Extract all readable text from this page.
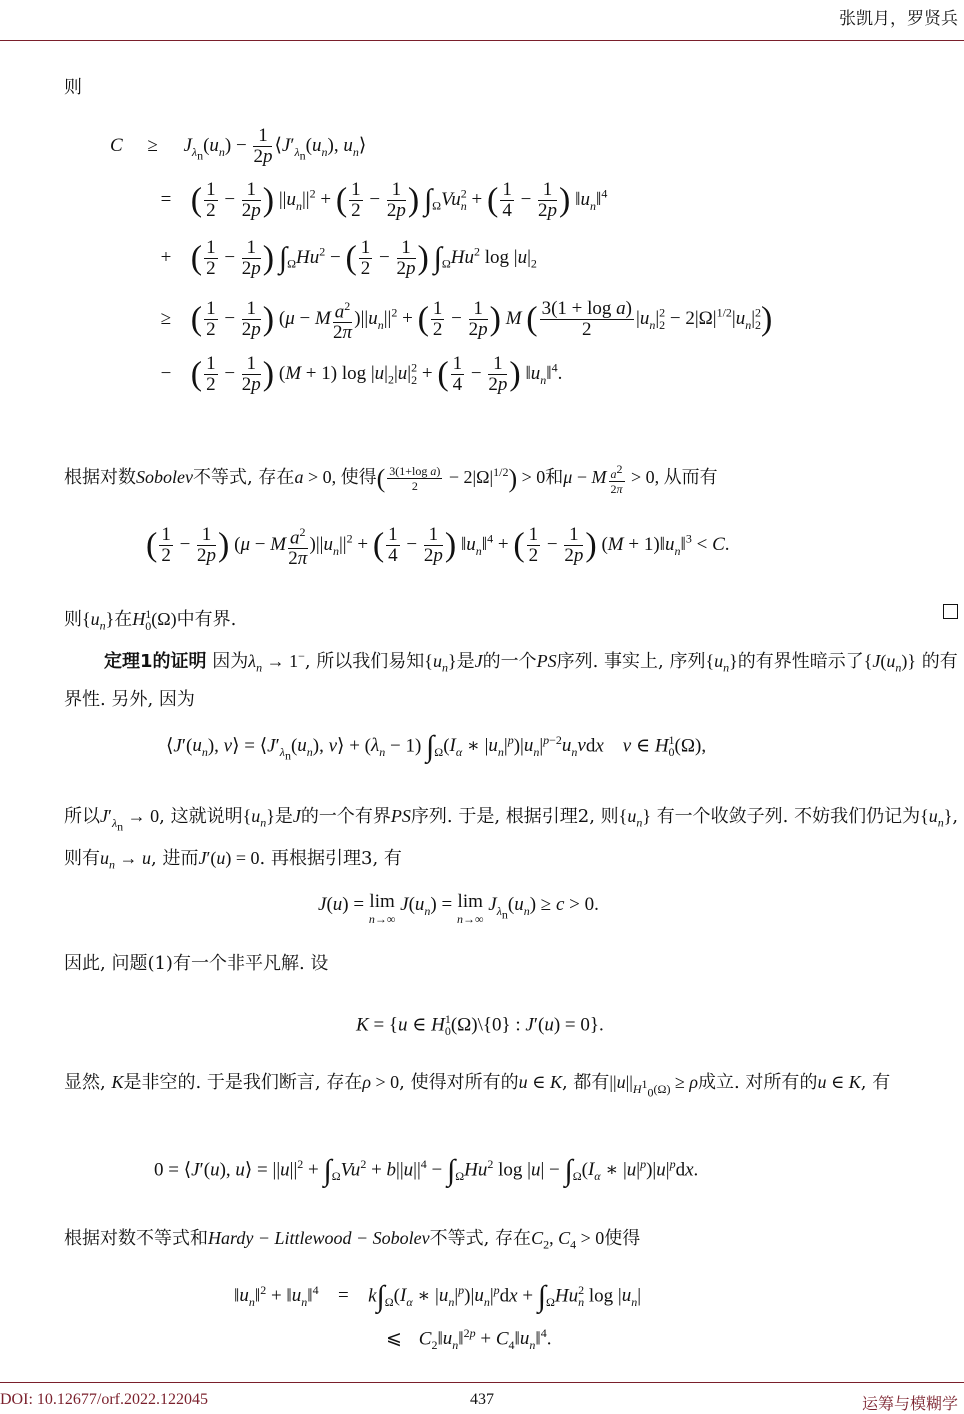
张凯月，罗贤兵
则
$C \ge J_{\lambda_n}(u_n) - \frac{1}{2p}$ $⟨J'_{\lambda_n}(u_n)$, $u_n⟩$
= ( $\frac{1}{2} - \frac{1}{2p}$ ) $||u_n||^2$ + ( $\frac{1}{2} - \frac{1}{2p}$ ) $\int_\Omega Vu^2_n$ + ( $\frac{1}{4} - \frac{1}{2p}$ ) $‖u_n‖^4$
+ ( $\frac{1}{2} - \frac{1}{2p}$ ) $\int_\Omega Hu^2$ − ( $\frac{1}{2} - \frac{1}{2p}$ ) $\int_\Omega Hu^2$ $\log |u|_2$
≥ ( $\frac{1}{2} - \frac{1}{2p}$ ) (μ − M $\frac{a^2}{2\pi} )||u_n||^2$ + ( $\frac{1}{2} - \frac{1}{2p}$ ) M ( $\frac{\text{3(1 + log a)}}{2} |u_n|^2_2 - 2|\Omega|^{1/2}|u_n|^2_2$)
− ( $\frac{1}{2} - \frac{1}{2p}$ ) (M + 1) $\log |u|_2|u|^2_2$ + ( $\frac{1}{4} - \frac{1}{2p}$ ) $‖u_n‖^4$.
根据对数Sobolev不等式, 存在a > 0, 使得( $\frac{\text{3(1+log a)}}{2} - 2|\Omega|^{1/2}) > 0$和μ − M $\frac{a^2}{2\pi} > 0$, 从而有
( $\frac{1}{2} - \frac{1}{2p}$ ) (μ − M $\frac{a^2}{2\pi} )||u_n||^2$ + ( $\frac{1}{4} - \frac{1}{2p}$ ) $‖u_n‖^4$ + ( $\frac{1}{2} - \frac{1}{2p}$ ) $(M + 1)‖u_n‖^3 < C$.
则$\{u_n\}$在$H^1_0(\Omega)$中有界.
定理1的证明 因为$\lambda_n \to 1^-$, 所以我们易知$\{u_n\}$是J的一个PS序列. 事实上, 序列$\{u_n\}$的有界性暗示了$\{J(u_n)\}$ 的有界性. 另外, 因为
$⟨J'(u_n)$, v⟩ = $⟨J'_{\lambda_n}(u_n)$, v⟩ + $(\lambda_n - 1)$ $\int_\Omega(I_\alpha$ ∗ $|u_n|^p)|u_n|^{p-2}u_nvdx$ v ∈ $H^1_0(\Omega)$,
所以$J'_{\lambda_n} \to 0$, 这就说明$\{u_n\}$是J的一个有界PS序列. 于是, 根据引理2, 则$\{u_n\}$ 有一个收敛子列. 不妨我们仍记为$\{u_n\}$, 则有$u_n \to u$, 进而J′(u) = 0. 再根据引理3, 有
J(u) = lim
n→∞ $J(u_n) = \lim$
n→∞ $J_{\lambda_n}(u_n) \ge c > 0$.
因此, 问题(1)有一个非平凡解. 设
K = {u ∈ $H^1_0(\Omega)\backslash\{0\}$ : J′(u) = 0}.
显然, K是非空的. 于是我们断言, 存在ρ > 0, 使得对所有的u ∈ K, 都有$||u||_{H^1_0(\Omega)} \ge \rho$成立. 对所有的u ∈ K, 有
0 = ⟨J′(u), u⟩ = $||u||^2 + \int_\Omega Vu^2 + b||u||^4 - \int_\Omega Hu^2$ $\log |u| - \int_\Omega(I_\alpha$ ∗ $|u|^p)|u|^pdx$.
根据对数不等式和Hardy − Littlewood − Sobolev不等式, 存在$C_2$, $C_4 > 0$使得
$‖u_n‖^2$ + $‖u_n‖^4 = k\int_\Omega(I_\alpha$ ∗ $|u_n|^p)|u_n|^pdx + \int_\Omega Hu^2_n$ $\log |u_n|$
⩽ $C_2‖u_n‖^{2p}$ + $C_4‖u_n‖^4$.
DOI: 10.12677/orf.2022.122045	437	运筹与模糊学
